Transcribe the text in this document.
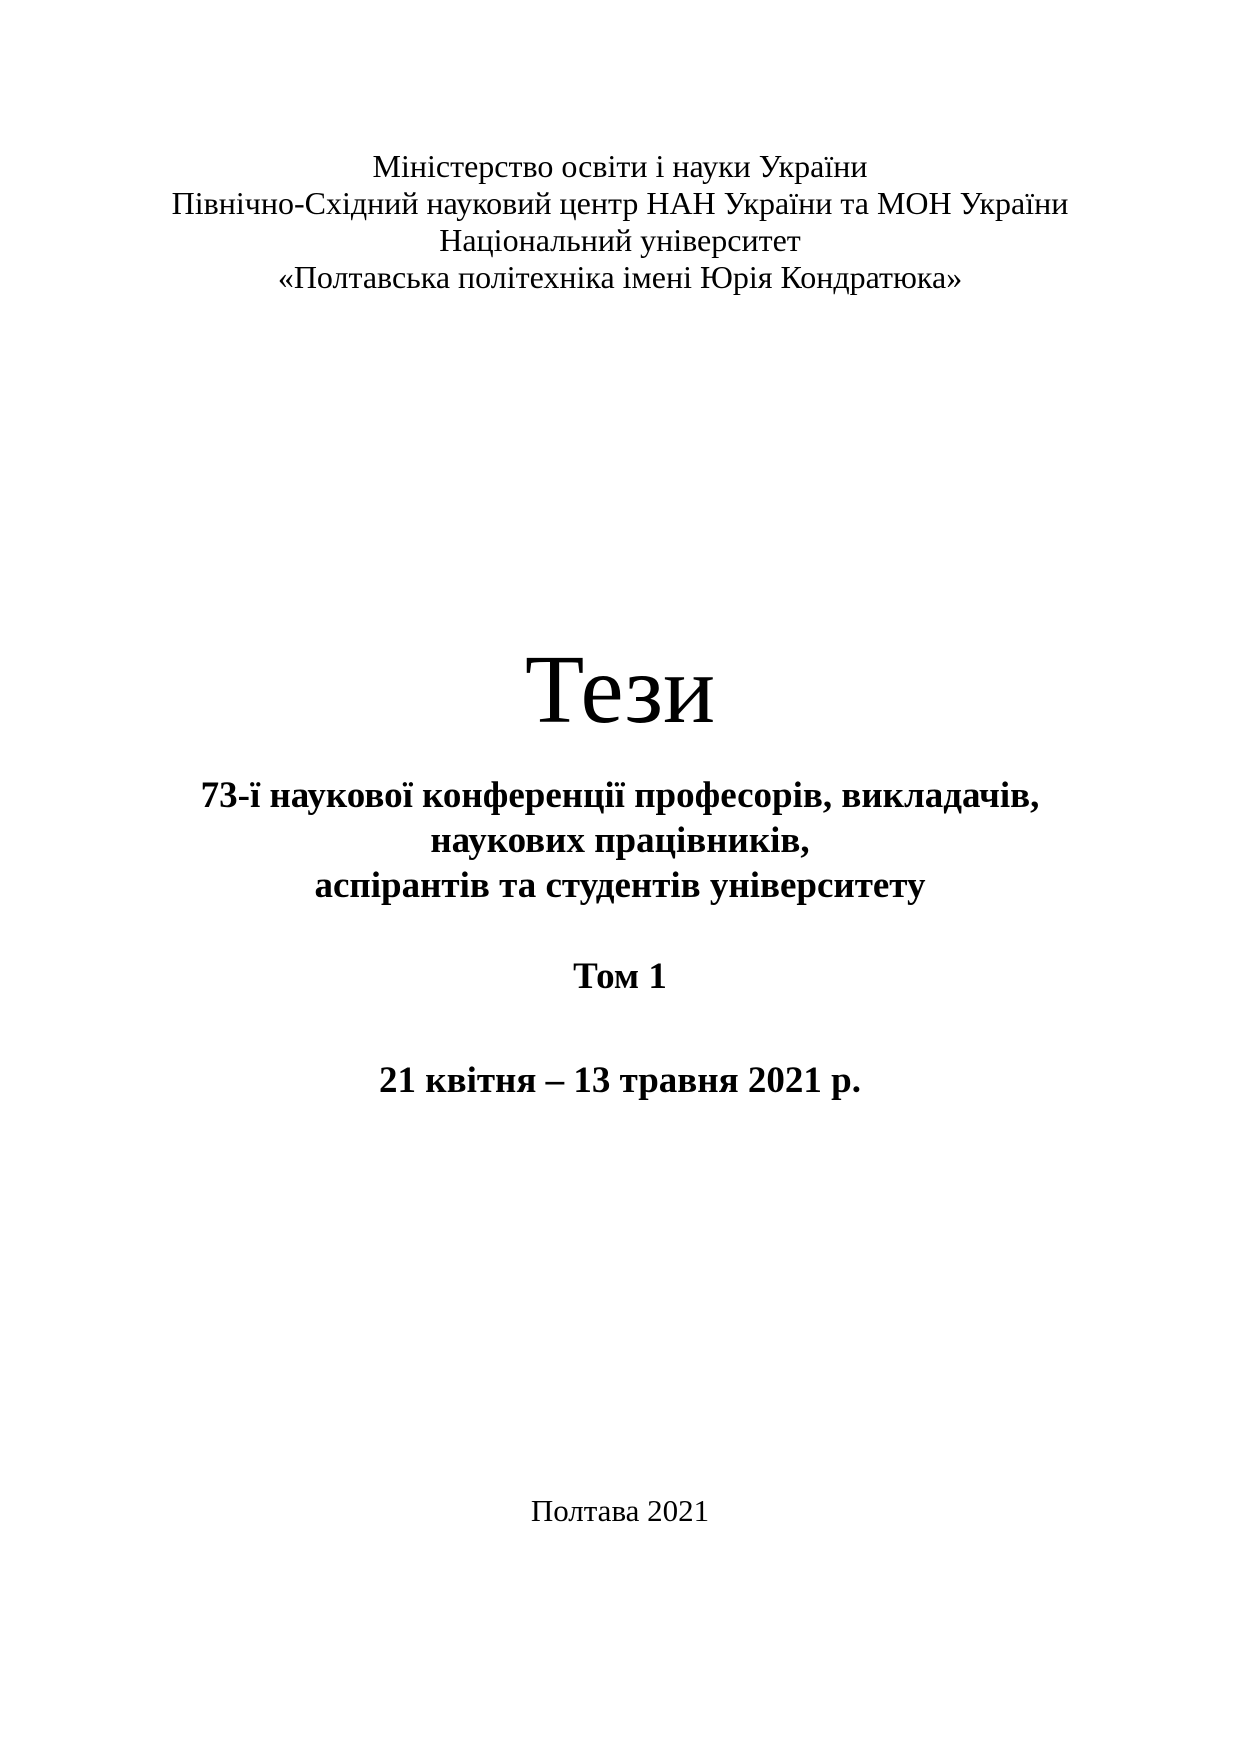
Міністерство освіти і науки України
Північно-Східний науковий центр НАН України та МОН України
Національний університет
«Полтавська політехніка імені Юрія Кондратюка»
Тези
73-ї наукової конференції професорів, викладачів,
наукових працівників,
аспірантів та студентів університету
Том 1
21 квітня – 13 травня 2021 р.
Полтава 2021
